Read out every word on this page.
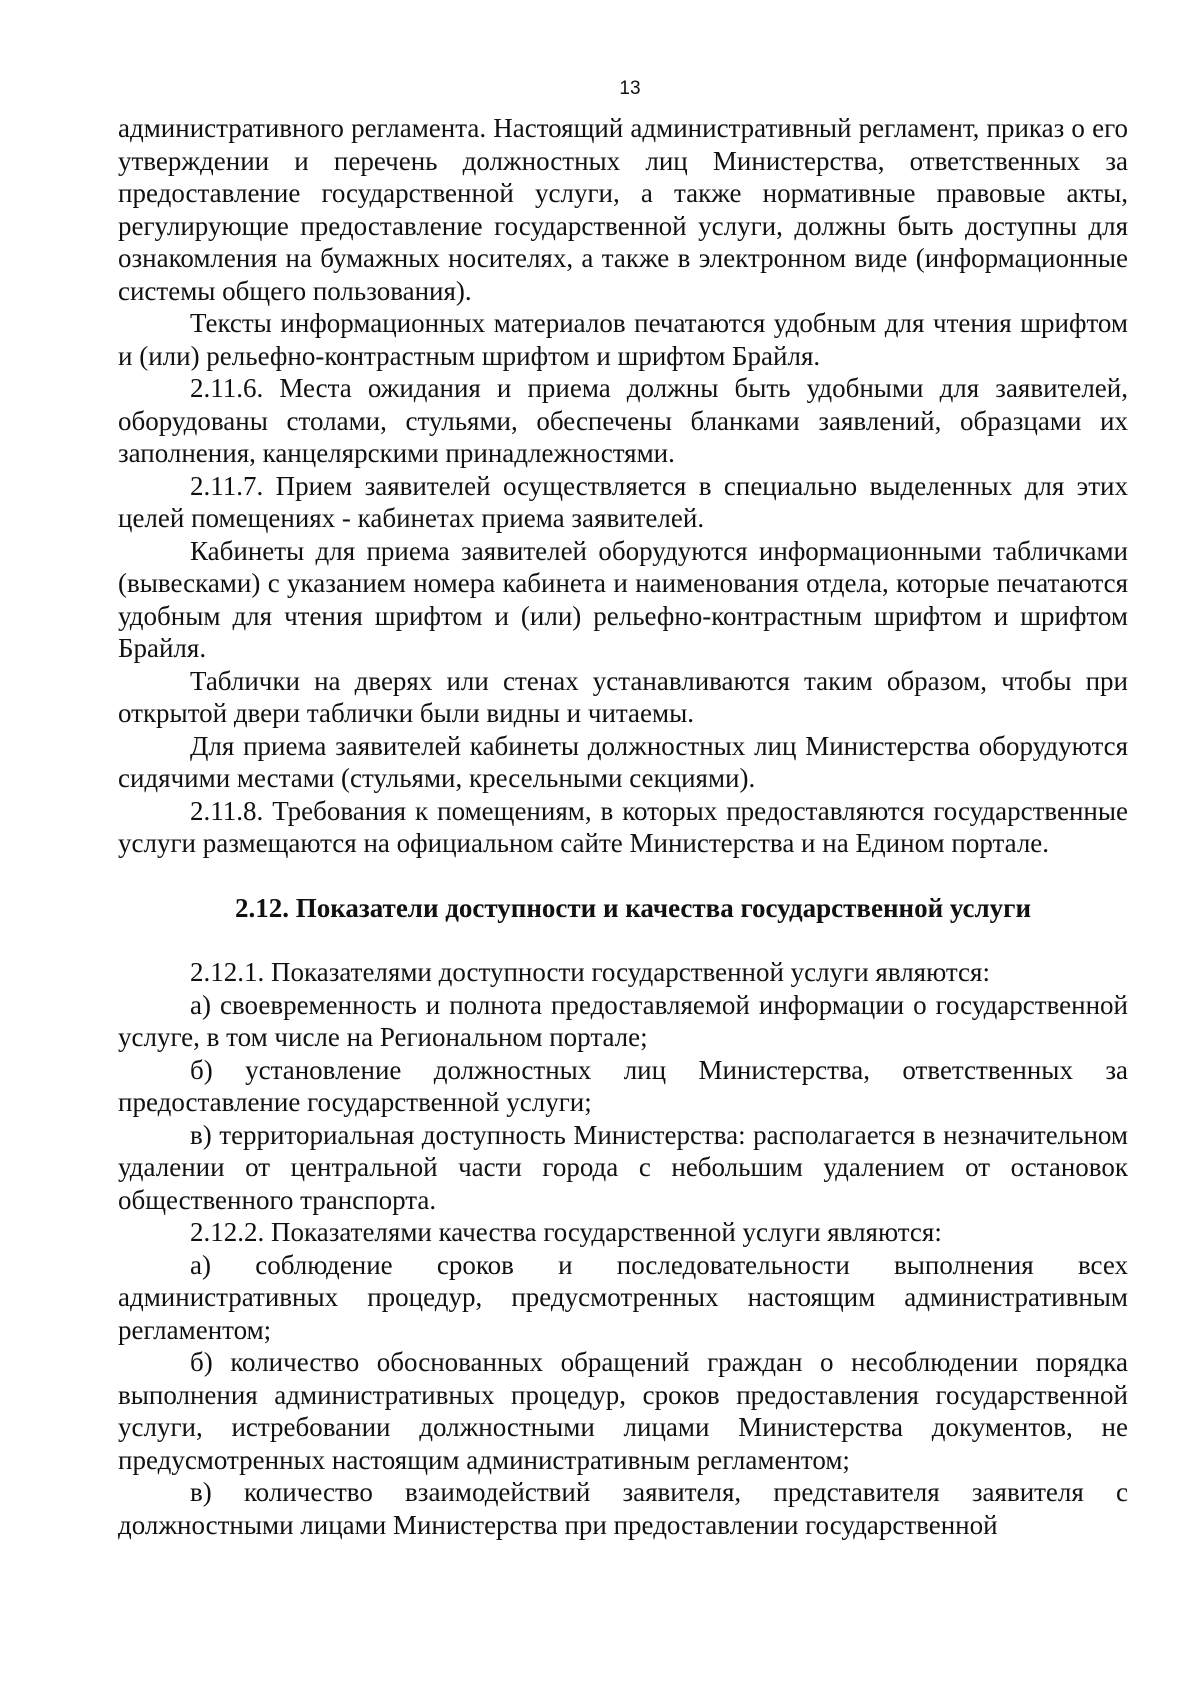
13

административного регламента. Настоящий административный регламент, приказ о его утверждении и перечень должностных лиц Министерства, ответственных за предоставление государственной услуги, а также нормативные правовые акты, регулирующие предоставление государственной услуги, должны быть доступны для ознакомления на бумажных носителях, а также в электронном виде (информационные системы общего пользования).

Тексты информационных материалов печатаются удобным для чтения шрифтом и (или) рельефно-контрастным шрифтом и шрифтом Брайля.

2.11.6. Места ожидания и приема должны быть удобными для заявителей, оборудованы столами, стульями, обеспечены бланками заявлений, образцами их заполнения, канцелярскими принадлежностями.

2.11.7. Прием заявителей осуществляется в специально выделенных для этих целей помещениях - кабинетах приема заявителей.

Кабинеты для приема заявителей оборудуются информационными табличками (вывесками) с указанием номера кабинета и наименования отдела, которые печатаются удобным для чтения шрифтом и (или) рельефно-контрастным шрифтом и шрифтом Брайля.

Таблички на дверях или стенах устанавливаются таким образом, чтобы при открытой двери таблички были видны и читаемы.

Для приема заявителей кабинеты должностных лиц Министерства оборудуются сидячими местами (стульями, кресельными секциями).

2.11.8. Требования к помещениям, в которых предоставляются государственные услуги размещаются на официальном сайте Министерства и на Едином портале.

2.12. Показатели доступности и качества государственной услуги

2.12.1. Показателями доступности государственной услуги являются:

а) своевременность и полнота предоставляемой информации о государственной услуге, в том числе на Региональном портале;

б) установление должностных лиц Министерства, ответственных за предоставление государственной услуги;

в) территориальная доступность Министерства: располагается в незначительном удалении от центральной части города с небольшим удалением от остановок общественного транспорта.

2.12.2. Показателями качества государственной услуги являются:

а) соблюдение сроков и последовательности выполнения всех административных процедур, предусмотренных настоящим административным регламентом;

б) количество обоснованных обращений граждан о несоблюдении порядка выполнения административных процедур, сроков предоставления государственной услуги, истребовании должностными лицами Министерства документов, не предусмотренных настоящим административным регламентом;

в) количество взаимодействий заявителя, представителя заявителя с должностными лицами Министерства при предоставлении государственной
